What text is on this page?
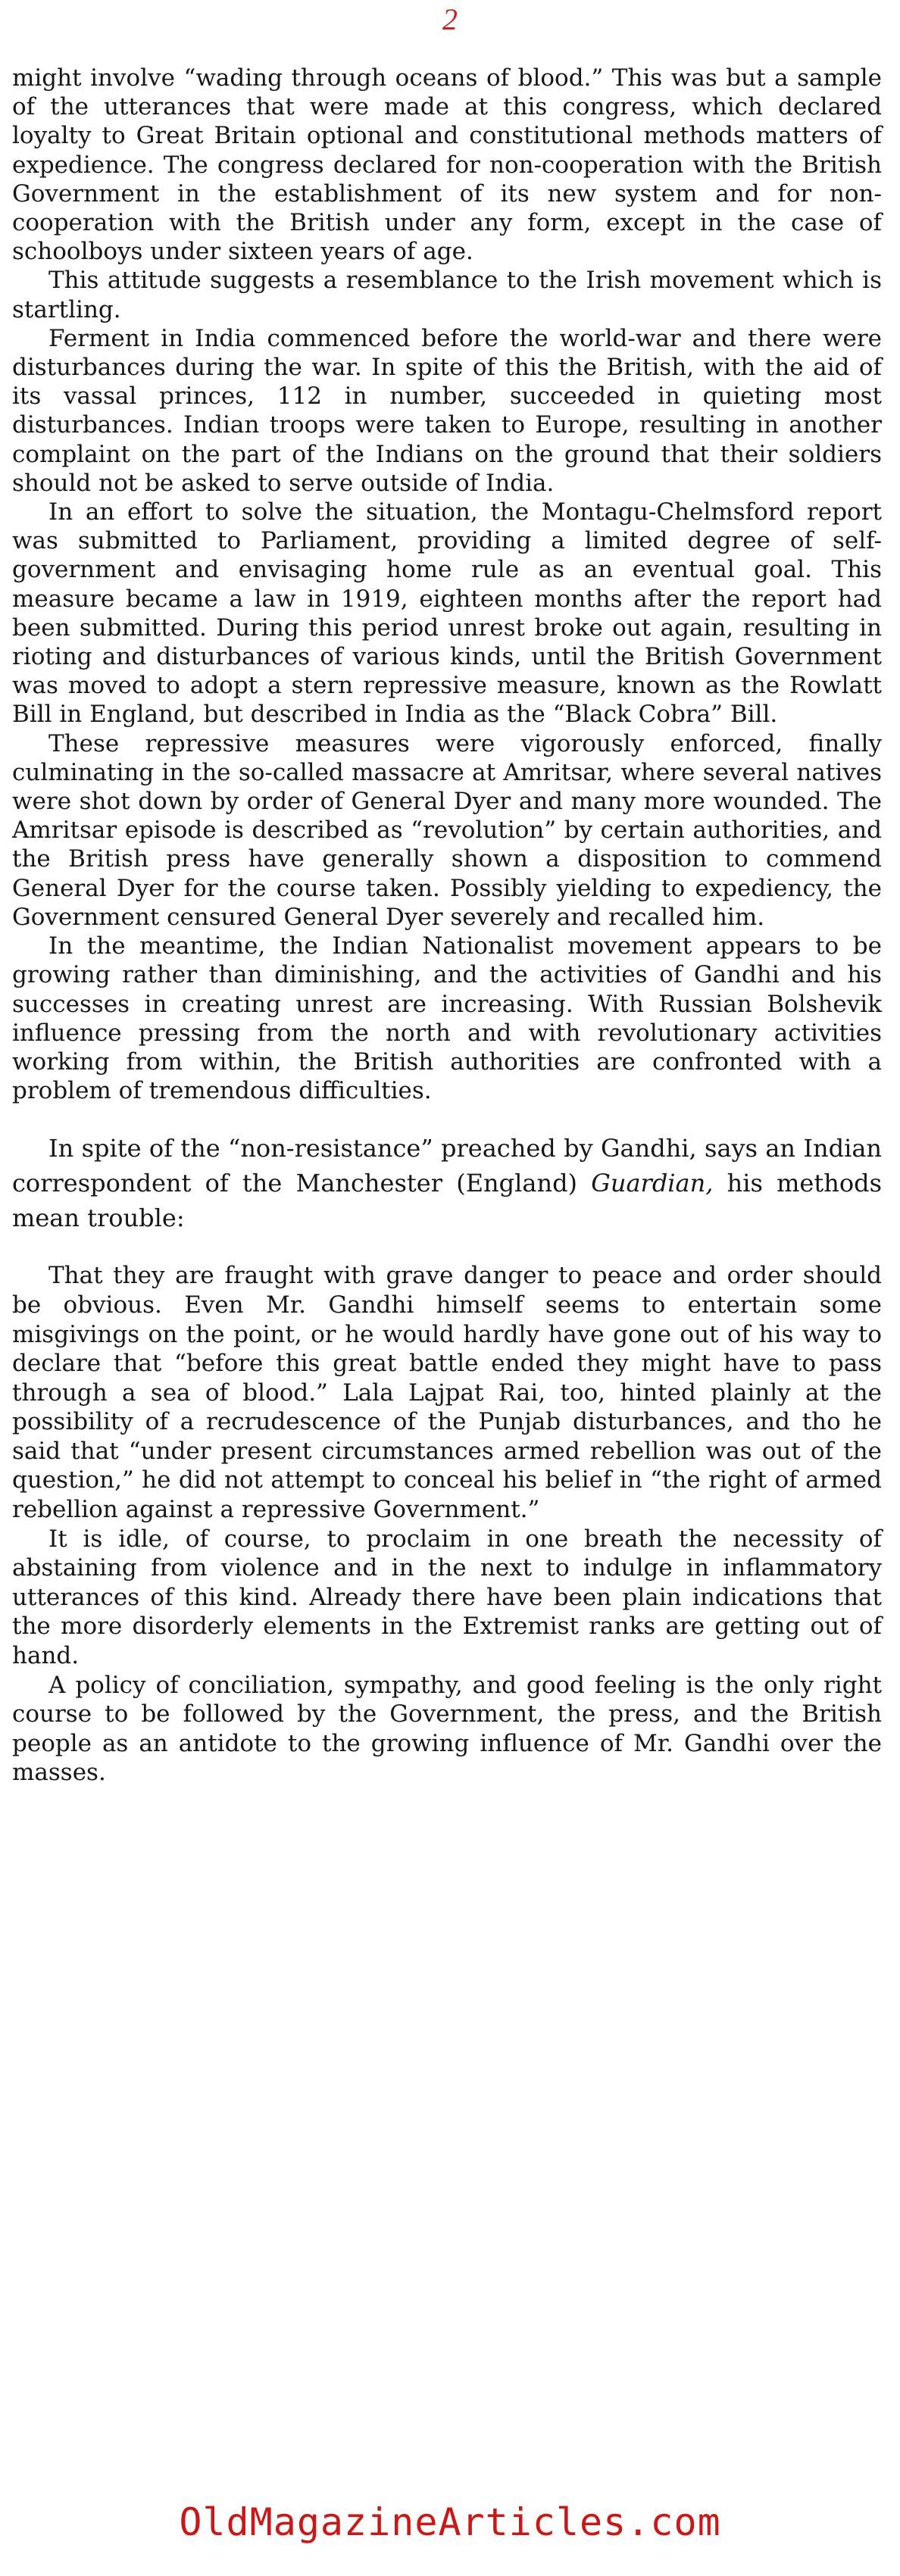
2

might involve “wading through oceans of blood.” This was but a sample of the utterances that were made at this congress, which declared loyalty to Great Britain optional and constitutional methods matters of expedience. The congress declared for non-cooperation with the British Government in the establishment of its new system and for non-cooperation with the British under any form, except in the case of schoolboys under sixteen years of age.

This attitude suggests a resemblance to the Irish movement which is startling.

Ferment in India commenced before the world-war and there were disturbances during the war. In spite of this the British, with the aid of its vassal princes, 112 in number, succeeded in quieting most disturbances. Indian troops were taken to Europe, resulting in another complaint on the part of the Indians on the ground that their soldiers should not be asked to serve outside of India.

In an effort to solve the situation, the Montagu-Chelmsford report was submitted to Parliament, providing a limited degree of self-government and envisaging home rule as an eventual goal. This measure became a law in 1919, eighteen months after the report had been submitted. During this period unrest broke out again, resulting in rioting and disturbances of various kinds, until the British Government was moved to adopt a stern repressive measure, known as the Rowlatt Bill in England, but described in India as the “Black Cobra” Bill.

These repressive measures were vigorously enforced, finally culminating in the so-called massacre at Amritsar, where several natives were shot down by order of General Dyer and many more wounded. The Amritsar episode is described as “revolution” by certain authorities, and the British press have generally shown a disposition to commend General Dyer for the course taken. Possibly yielding to expediency, the Government censured General Dyer severely and recalled him.

In the meantime, the Indian Nationalist movement appears to be growing rather than diminishing, and the activities of Gandhi and his successes in creating unrest are increasing. With Russian Bolshevik influence pressing from the north and with revolutionary activities working from within, the British authorities are confronted with a problem of tremendous difficulties.

In spite of the “non-resistance” preached by Gandhi, says an Indian correspondent of the Manchester (England) Guardian, his methods mean trouble:

That they are fraught with grave danger to peace and order should be obvious. Even Mr. Gandhi himself seems to entertain some misgivings on the point, or he would hardly have gone out of his way to declare that “before this great battle ended they might have to pass through a sea of blood.” Lala Lajpat Rai, too, hinted plainly at the possibility of a recrudescence of the Punjab disturbances, and tho he said that “under present circumstances armed rebellion was out of the question,” he did not attempt to conceal his belief in “the right of armed rebellion against a repressive Government.”

It is idle, of course, to proclaim in one breath the necessity of abstaining from violence and in the next to indulge in inflammatory utterances of this kind. Already there have been plain indications that the more disorderly elements in the Extremist ranks are getting out of hand.

A policy of conciliation, sympathy, and good feeling is the only right course to be followed by the Government, the press, and the British people as an antidote to the growing influence of Mr. Gandhi over the masses.

OldMagazineArticles.com
